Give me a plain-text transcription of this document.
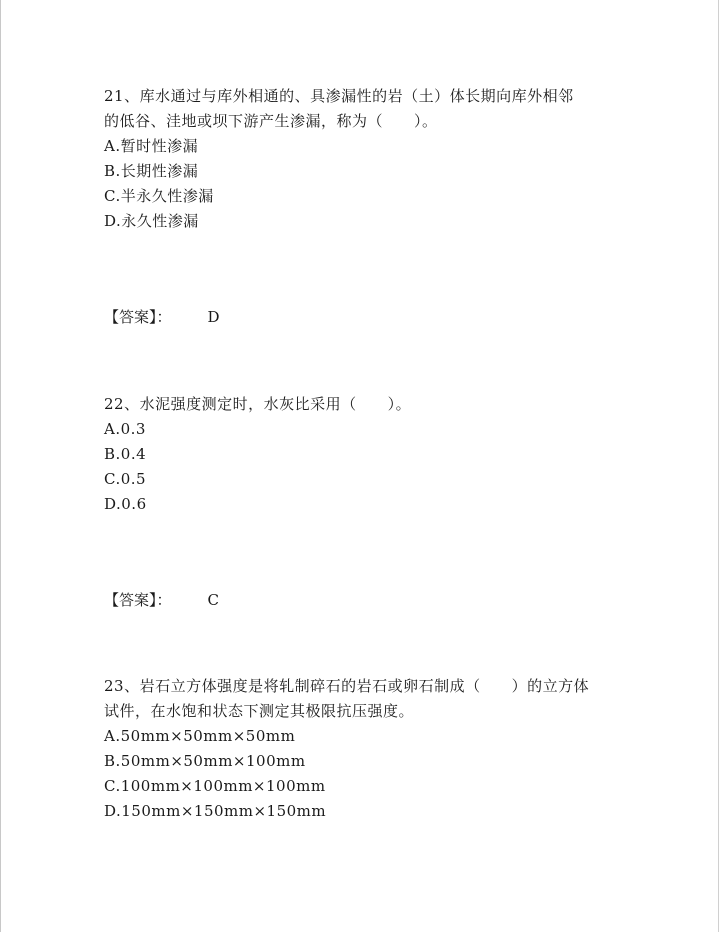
21、库水通过与库外相通的、具渗漏性的岩（土）体长期向库外相邻
的低谷、洼地或坝下游产生渗漏，称为（　　）。
A.暂时性渗漏
B.长期性渗漏
C.半永久性渗漏
D.永久性渗漏
【答案】： D
22、水泥强度测定时，水灰比采用（　　）。
A.0.3
B.0.4
C.0.5
D.0.6
【答案】： C
23、岩石立方体强度是将轧制碎石的岩石或卵石制成（　　）的立方体
试件，在水饱和状态下测定其极限抗压强度。
A.50mm×50mm×50mm
B.50mm×50mm×100mm
C.100mm×100mm×100mm
D.150mm×150mm×150mm
